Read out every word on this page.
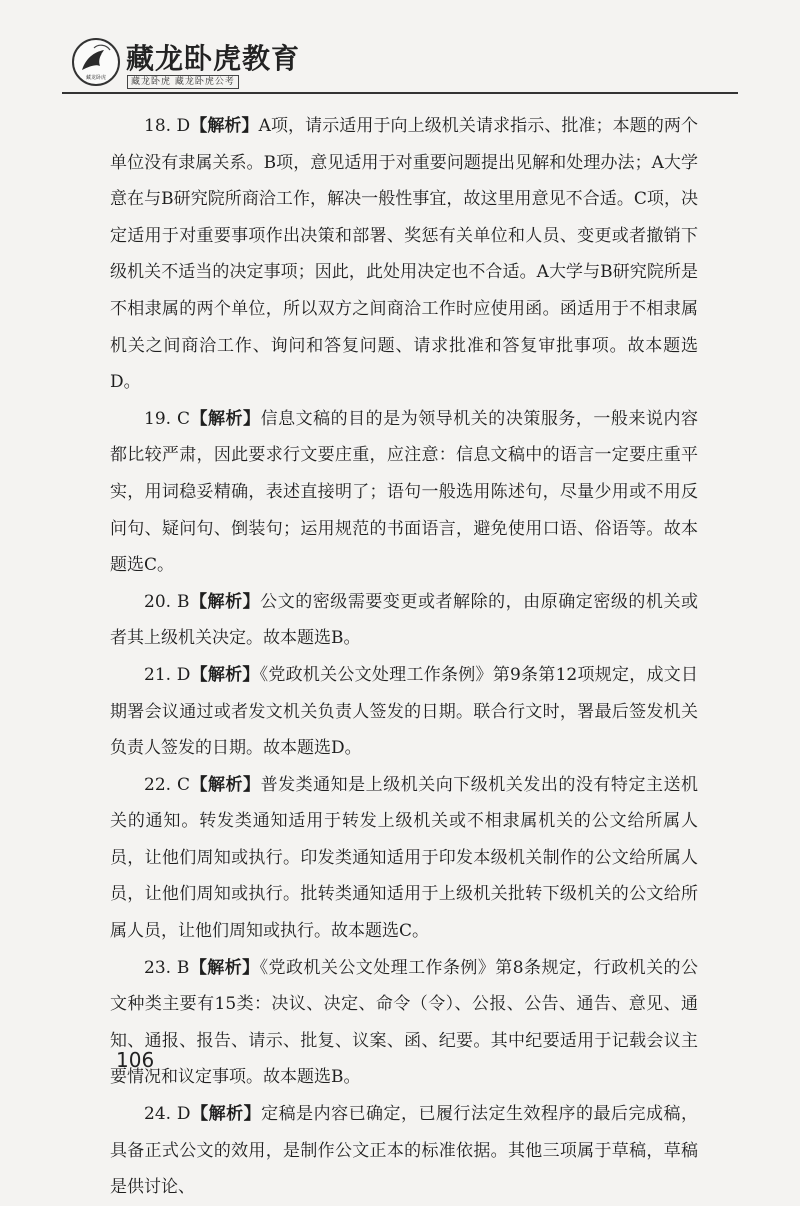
藏龙卧虎
藏龙卧虎教育
藏龙卧虎 藏龙卧虎公考

18. D【解析】A项，请示适用于向上级机关请求指示、批准；本题的两个单位没有隶属关系。B项，意见适用于对重要问题提出见解和处理办法；A大学意在与B研究院所商洽工作，解决一般性事宜，故这里用意见不合适。C项，决定适用于对重要事项作出决策和部署、奖惩有关单位和人员、变更或者撤销下级机关不适当的决定事项；因此，此处用决定也不合适。A大学与B研究院所是不相隶属的两个单位，所以双方之间商洽工作时应使用函。函适用于不相隶属机关之间商洽工作、询问和答复问题、请求批准和答复审批事项。故本题选D。

19. C【解析】信息文稿的目的是为领导机关的决策服务，一般来说内容都比较严肃，因此要求行文要庄重，应注意：信息文稿中的语言一定要庄重平实，用词稳妥精确，表述直接明了；语句一般选用陈述句，尽量少用或不用反问句、疑问句、倒装句；运用规范的书面语言，避免使用口语、俗语等。故本题选C。

20. B【解析】公文的密级需要变更或者解除的，由原确定密级的机关或者其上级机关决定。故本题选B。

21. D【解析】《党政机关公文处理工作条例》第9条第12项规定，成文日期署会议通过或者发文机关负责人签发的日期。联合行文时，署最后签发机关负责人签发的日期。故本题选D。

22. C【解析】普发类通知是上级机关向下级机关发出的没有特定主送机关的通知。转发类通知适用于转发上级机关或不相隶属机关的公文给所属人员，让他们周知或执行。印发类通知适用于印发本级机关制作的公文给所属人员，让他们周知或执行。批转类通知适用于上级机关批转下级机关的公文给所属人员，让他们周知或执行。故本题选C。

23. B【解析】《党政机关公文处理工作条例》第8条规定，行政机关的公文种类主要有15类：决议、决定、命令（令）、公报、公告、通告、意见、通知、通报、报告、请示、批复、议案、函、纪要。其中纪要适用于记载会议主要情况和议定事项。故本题选B。

24. D【解析】定稿是内容已确定，已履行法定生效程序的最后完成稿，具备正式公文的效用，是制作公文正本的标准依据。其他三项属于草稿，草稿是供讨论、

106
